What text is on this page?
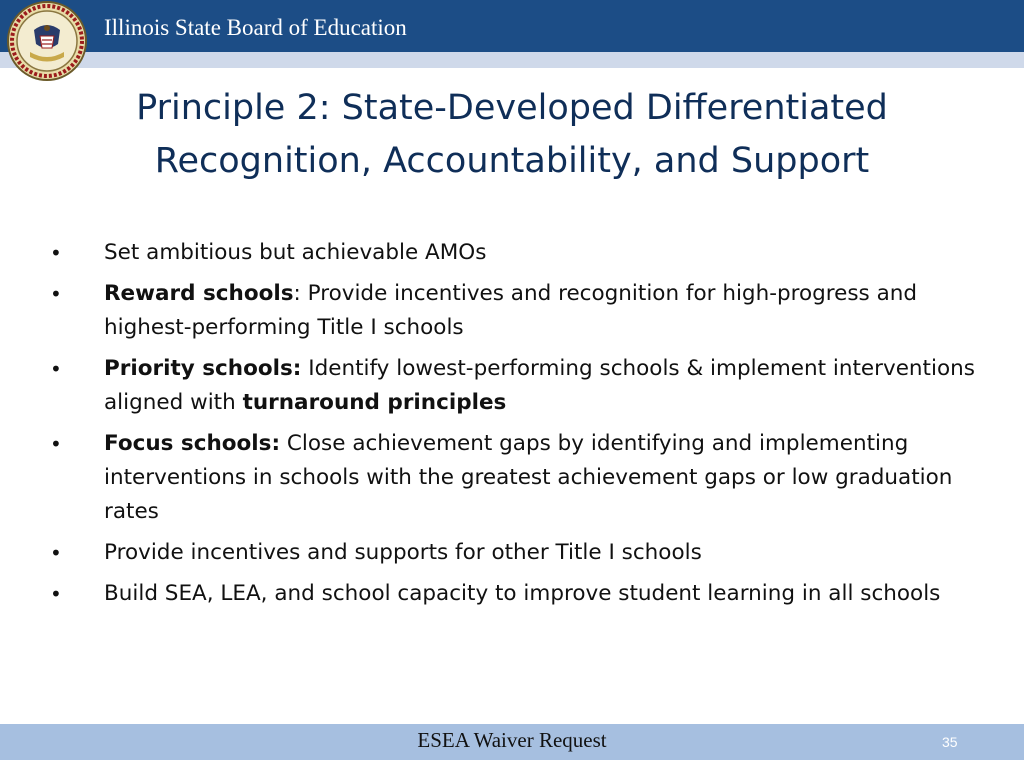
Illinois State Board of Education
Principle 2: State-Developed Differentiated
Recognition, Accountability, and Support
• Set ambitious but achievable AMOs
• Reward schools: Provide incentives and recognition for high-progress and highest-performing Title I schools
• Priority schools: Identify lowest-performing schools & implement interventions aligned with turnaround principles
• Focus schools: Close achievement gaps by identifying and implementing interventions in schools with the greatest achievement gaps or low graduation rates
• Provide incentives and supports for other Title I schools
• Build SEA, LEA, and school capacity to improve student learning in all schools
ESEA Waiver Request	35
